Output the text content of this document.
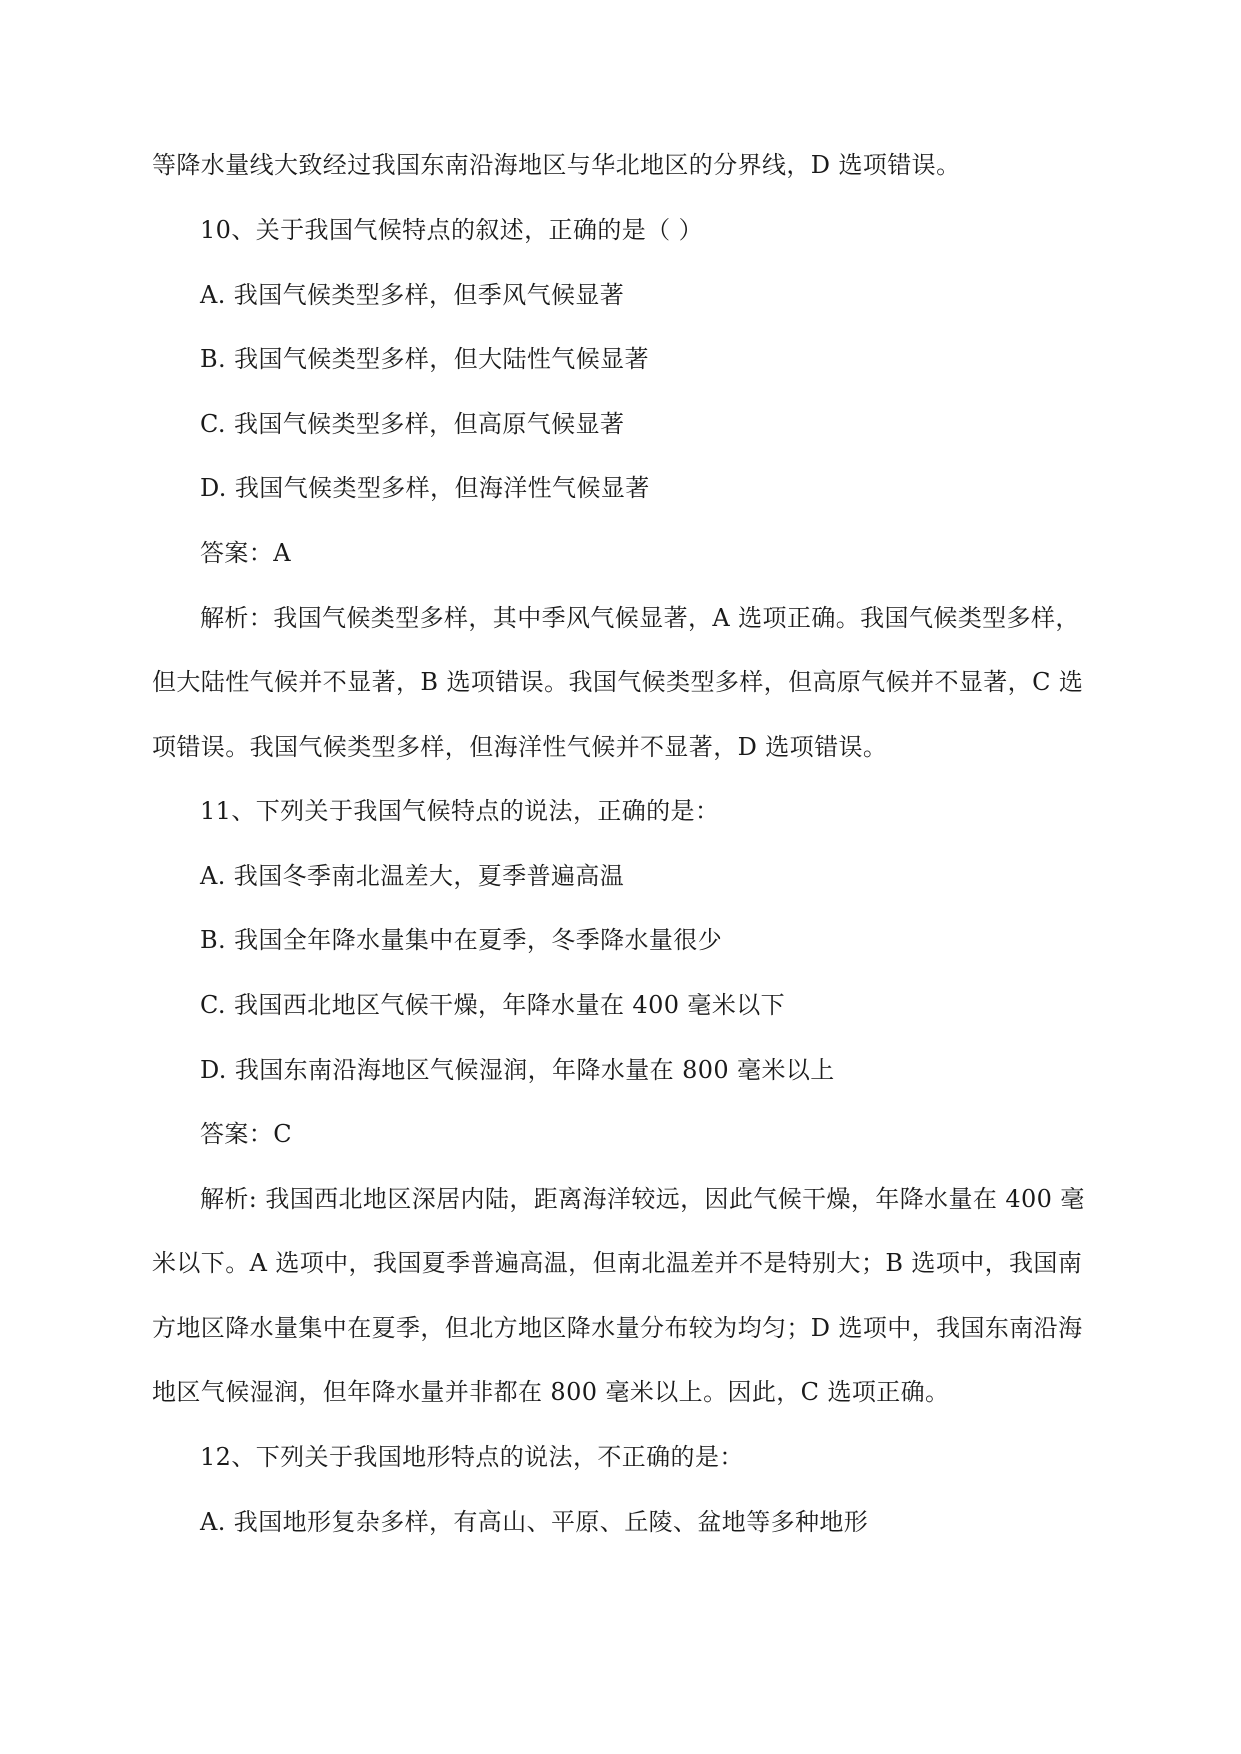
等降水量线大致经过我国东南沿海地区与华北地区的分界线，D 选项错误。
10、关于我国气候特点的叙述，正确的是（ ）
A. 我国气候类型多样，但季风气候显著
B. 我国气候类型多样，但大陆性气候显著
C. 我国气候类型多样，但高原气候显著
D. 我国气候类型多样，但海洋性气候显著
答案：A
解析：我国气候类型多样，其中季风气候显著，A 选项正确。我国气候类型多样，
但大陆性气候并不显著，B 选项错误。我国气候类型多样，但高原气候并不显著，C 选
项错误。我国气候类型多样，但海洋性气候并不显著，D 选项错误。
11、下列关于我国气候特点的说法，正确的是：
A. 我国冬季南北温差大，夏季普遍高温
B. 我国全年降水量集中在夏季，冬季降水量很少
C. 我国西北地区气候干燥，年降水量在 400 毫米以下
D. 我国东南沿海地区气候湿润，年降水量在 800 毫米以上
答案：C
解析: 我国西北地区深居内陆，距离海洋较远，因此气候干燥，年降水量在 400 毫
米以下。A 选项中，我国夏季普遍高温，但南北温差并不是特别大；B 选项中，我国南
方地区降水量集中在夏季，但北方地区降水量分布较为均匀；D 选项中，我国东南沿海
地区气候湿润，但年降水量并非都在 800 毫米以上。因此，C 选项正确。
12、下列关于我国地形特点的说法，不正确的是：
A. 我国地形复杂多样，有高山、平原、丘陵、盆地等多种地形
